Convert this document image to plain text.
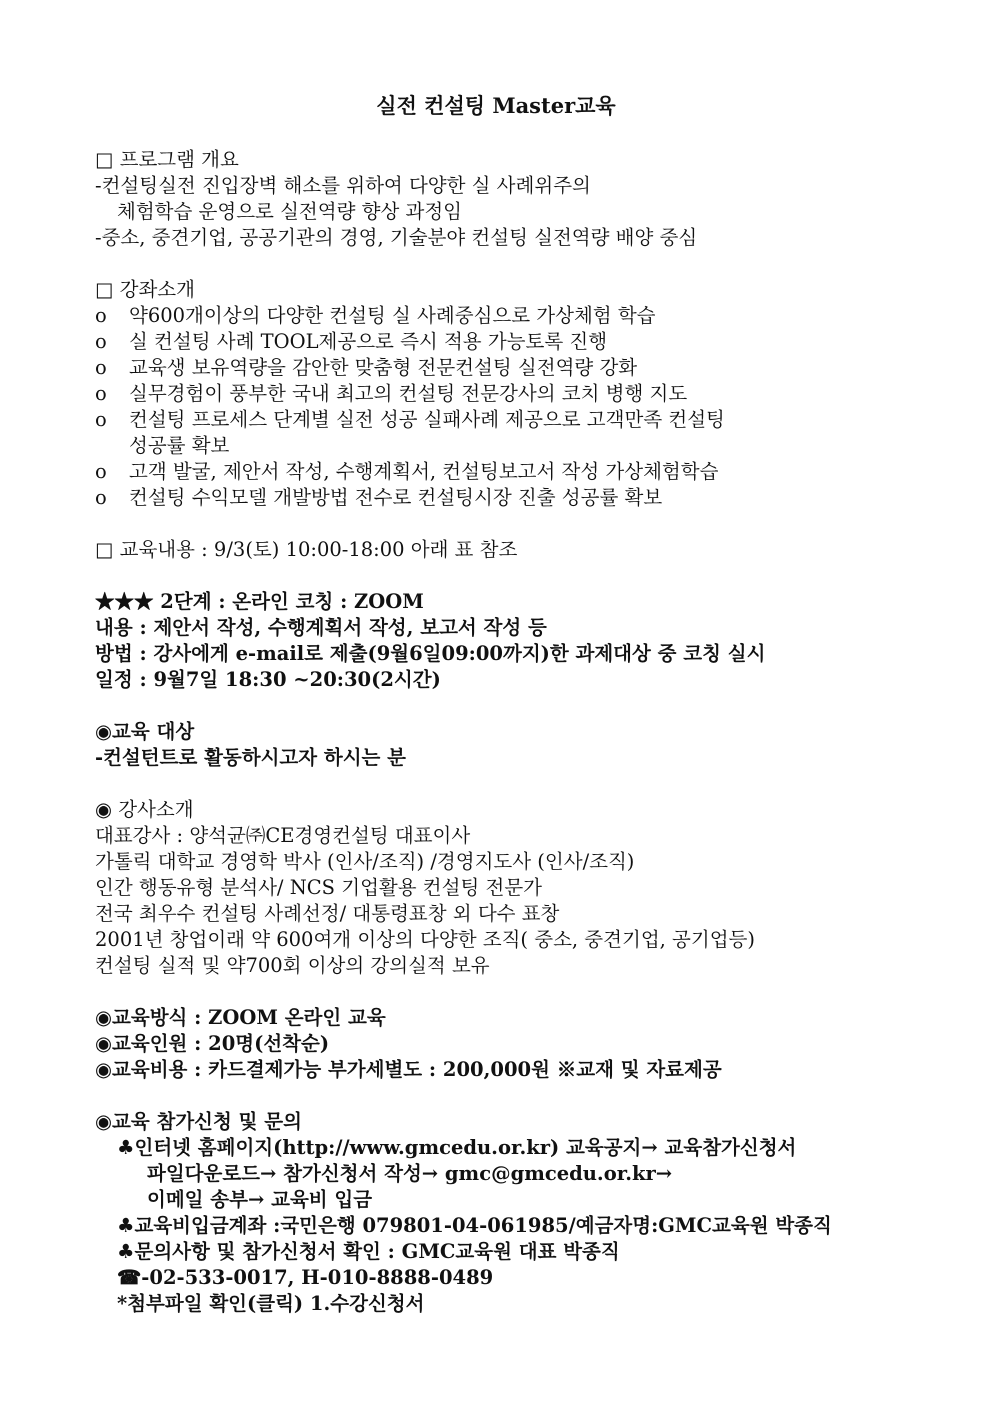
실전 컨설팅 Master교육
□ 프로그램 개요
-컨설팅실전 진입장벽 해소를 위하여 다양한 실 사례위주의
체험학습 운영으로 실전역량 향상 과정임
-중소, 중견기업, 공공기관의 경영, 기술분야 컨설팅 실전역량 배양 중심
□ 강좌소개
o	약600개이상의 다양한 컨설팅 실 사례중심으로 가상체험 학습
o	실 컨설팅 사례 TOOL제공으로 즉시 적용 가능토록 진행
o	교육생 보유역량을 감안한 맞춤형 전문컨설팅 실전역량 강화
o	실무경험이 풍부한 국내 최고의 컨설팅 전문강사의 코치 병행 지도
o	컨설팅 프로세스 단계별 실전 성공 실패사례 제공으로 고객만족 컨설팅
성공률 확보
o	고객 발굴, 제안서 작성, 수행계획서, 컨설팅보고서 작성 가상체험학습
o	컨설팅 수익모델 개발방법 전수로 컨설팅시장 진출 성공률 확보
□ 교육내용 : 9/3(토) 10:00-18:00 아래 표 참조
★★★ 2단계 : 온라인 코칭 : ZOOM
내용 : 제안서 작성, 수행계획서 작성, 보고서 작성 등
방법 : 강사에게 e-mail로 제출(9월6일09:00까지)한 과제대상 중 코칭 실시
일정 : 9월7일 18:30 ~20:30(2시간)
◉교육 대상
-컨설턴트로 활동하시고자 하시는 분
◉ 강사소개
대표강사 : 양석균㈜CE경영컨설팅 대표이사
가톨릭 대학교 경영학 박사 (인사/조직) /경영지도사 (인사/조직)
인간 행동유형 분석사/ NCS 기업활용 컨설팅 전문가
전국 최우수 컨설팅 사례선정/ 대통령표창 외 다수 표창
2001년 창업이래 약 600여개 이상의 다양한 조직( 중소, 중견기업, 공기업등)
컨설팅 실적 및 약700회 이상의 강의실적 보유
◉교육방식 : ZOOM 온라인 교육
◉교육인원 : 20명(선착순)
◉교육비용 : 카드결제가능 부가세별도 : 200,000원 ※교재 및 자료제공
◉교육 참가신청 및 문의
♣인터넷 홈페이지(http://www.gmcedu.or.kr) 교육공지→ 교육참가신청서
파일다운로드→ 참가신청서 작성→ gmc@gmcedu.or.kr→
이메일 송부→ 교육비 입금
♣교육비입금계좌 :국민은행 079801-04-061985/예금자명:GMC교육원 박종직
♣문의사항 및 참가신청서 확인 : GMC교육원 대표 박종직
☎-02-533-0017, H-010-8888-0489
*첨부파일 확인(클릭) 1.수강신청서
